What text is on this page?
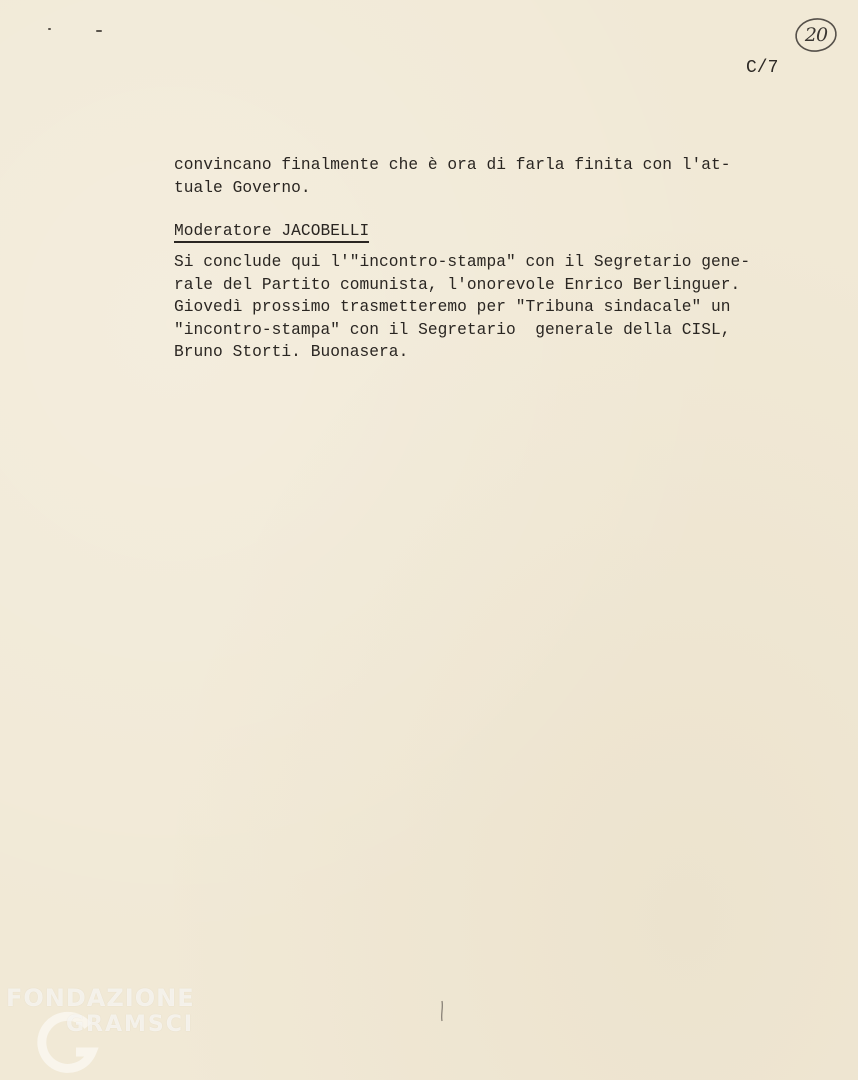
20
C/7
convincano finalmente che è ora di farla finita con l'at-
tuale Governo.
Moderatore JACOBELLI
Si conclude qui l'"incontro-stampa" con il Segretario gene-
rale del Partito comunista, l'onorevole Enrico Berlinguer.
Giovedì prossimo trasmetteremo per "Tribuna sindacale" un
"incontro-stampa" con il Segretario  generale della CISL,
Bruno Storti. Buonasera.
FONDAZIONE
GRAMSCI
